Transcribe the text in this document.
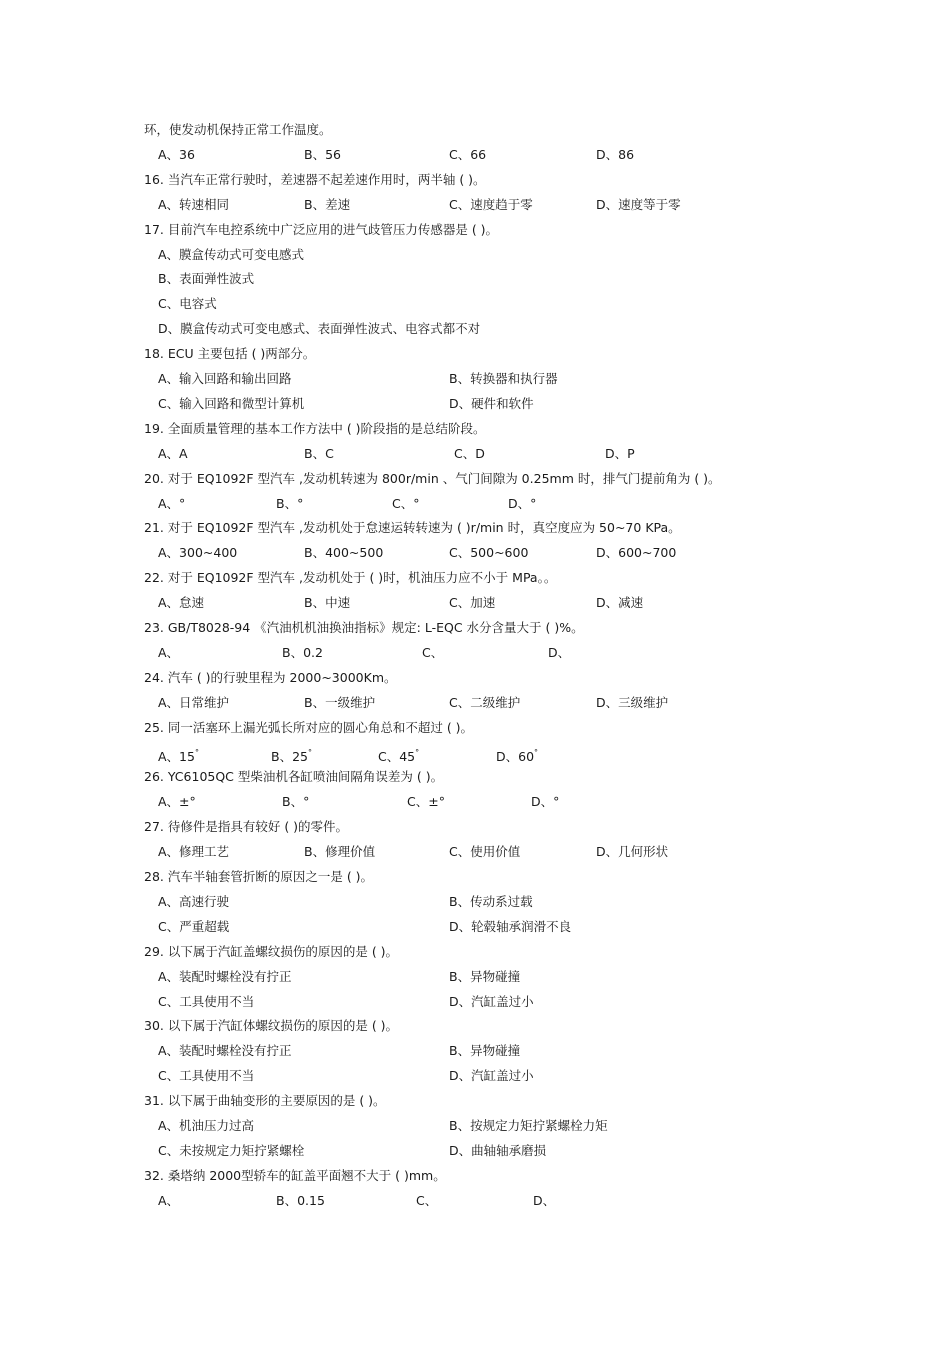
环，使发动机保持正常工作温度。
A、36	B、56	C、66	D、86
16. 当汽车正常行驶时，差速器不起差速作用时，两半轴 ( )。
A、转速相同	B、差速	C、速度趋于零	D、速度等于零
17. 目前汽车电控系统中广泛应用的进气歧管压力传感器是 ( )。
A、膜盒传动式可变电感式
B、表面弹性波式
C、电容式
D、膜盒传动式可变电感式、表面弹性波式、电容式都不对
18. ECU 主要包括 ( )两部分。
A、输入回路和输出回路	B、转换器和执行器
C、输入回路和微型计算机	D、硬件和软件
19. 全面质量管理的基本工作方法中 ( )阶段指的是总结阶段。
A、A	B、C	C、D	D、P
20. 对于 EQ1092F 型汽车 ,发动机转速为 800r/min 、气门间隙为 0.25mm 时，排气门提前角为 ( )。
A、°	B、°	C、°	D、°
21. 对于 EQ1092F 型汽车 ,发动机处于怠速运转转速为 ( )r/min 时，真空度应为 50~70 KPa。
A、300~400	B、400~500	C、500~600	D、600~700
22. 对于 EQ1092F 型汽车 ,发动机处于 ( )时，机油压力应不小于 MPa。。
A、怠速	B、中速	C、加速	D、减速
23. GB/T8028-94 《汽油机机油换油指标》规定: L-EQC 水分含量大于 ( )%。
A、	B、0.2	C、	D、
24. 汽车 ( )的行驶里程为 2000~3000Km。
A、日常维护	B、一级维护	C、二级维护	D、三级维护
25. 同一活塞环上漏光弧长所对应的圆心角总和不超过 ( )。
A、15°	B、25°	C、45°	D、60°
26. YC6105QC 型柴油机各缸喷油间隔角误差为 ( )。
A、±°	B、°	C、±°	D、°
27. 待修件是指具有较好 ( )的零件。
A、修理工艺	B、修理价值	C、使用价值	D、几何形状
28. 汽车半轴套管折断的原因之一是 ( )。
A、高速行驶	B、传动系过载
C、严重超载	D、轮毂轴承润滑不良
29. 以下属于汽缸盖螺纹损伤的原因的是 ( )。
A、装配时螺栓没有拧正	B、异物碰撞
C、工具使用不当	D、汽缸盖过小
30. 以下属于汽缸体螺纹损伤的原因的是 ( )。
A、装配时螺栓没有拧正	B、异物碰撞
C、工具使用不当	D、汽缸盖过小
31. 以下属于曲轴变形的主要原因的是 ( )。
A、机油压力过高	B、按规定力矩拧紧螺栓力矩
C、未按规定力矩拧紧螺栓	D、曲轴轴承磨损
32. 桑塔纳 2000型轿车的缸盖平面翘不大于 ( )mm。
A、	B、0.15	C、	D、
